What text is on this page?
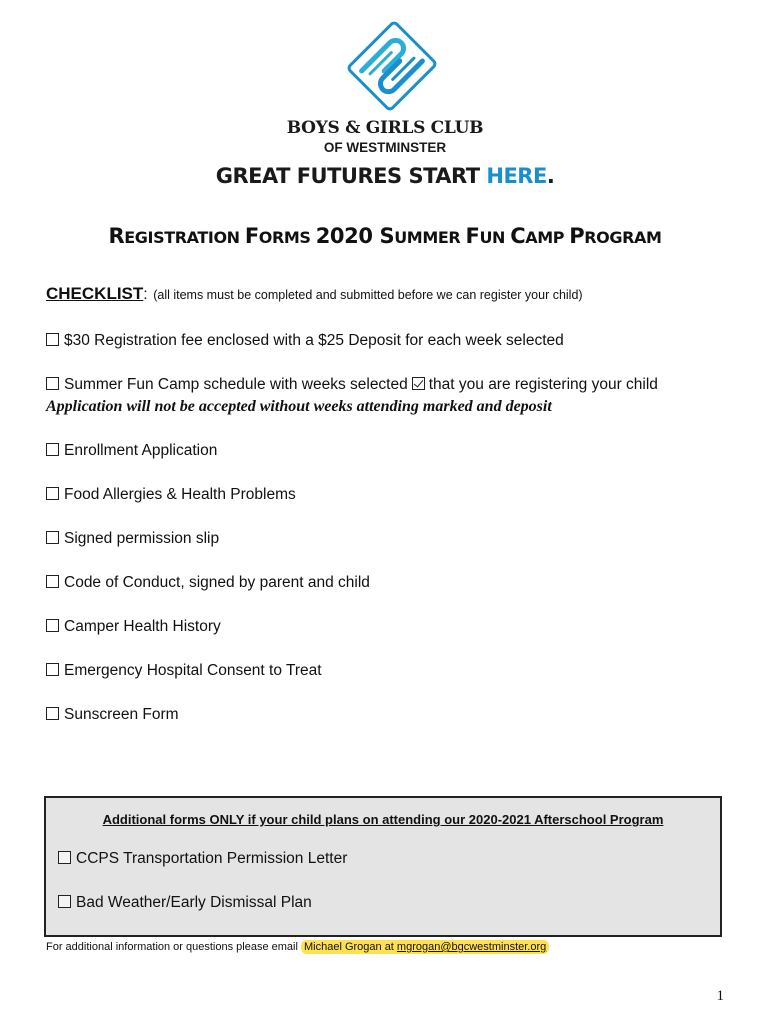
BOYS & GIRLS CLUB
OF WESTMINSTER
GREAT FUTURES START HERE.
REGISTRATION FORMS 2020 SUMMER FUN CAMP PROGRAM
CHECKLIST: (all items must be completed and submitted before we can register your child)
$30 Registration fee enclosed with a $25 Deposit for each week selected
Summer Fun Camp schedule with weeks selected that you are registering your child
Application will not be accepted without weeks attending marked and deposit
Enrollment Application
Food Allergies & Health Problems
Signed permission slip
Code of Conduct, signed by parent and child
Camper Health History
Emergency Hospital Consent to Treat
Sunscreen Form
Additional forms ONLY if your child plans on attending our 2020-2021 Afterschool Program
CCPS Transportation Permission Letter
Bad Weather/Early Dismissal Plan
For additional information or questions please email Michael Grogan at mgrogan@bgcwestminster.org
1
